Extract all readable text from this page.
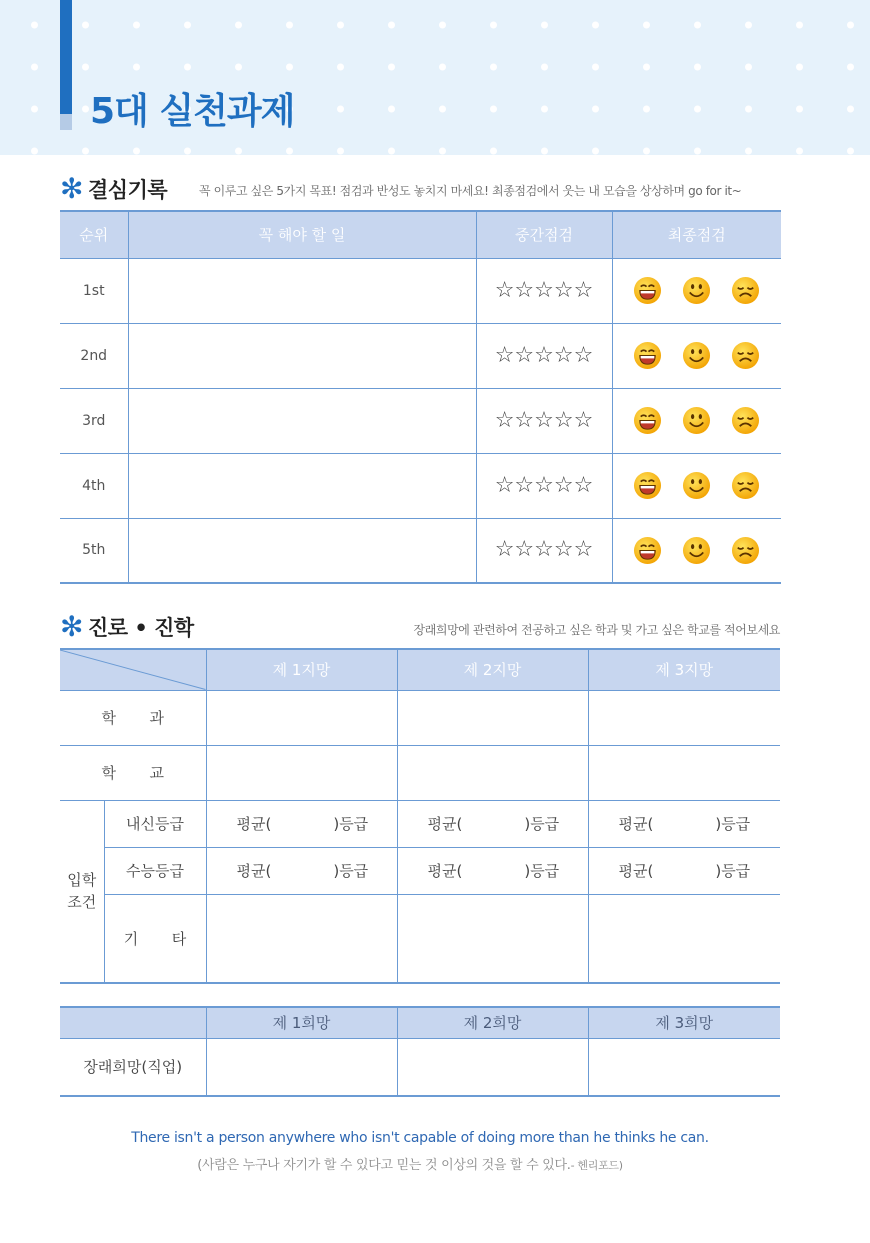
5대 실천과제
✻ 결심기록	꼭 이루고 싶은 5가지 목표! 점검과 반성도 놓치지 마세요! 최종점검에서 웃는 내 모습을 상상하며 go for it~
순위	꼭 해야 할 일	중간점검	최종점검
1st		☆☆☆☆☆

2nd		☆☆☆☆☆

3rd		☆☆☆☆☆

4th		☆☆☆☆☆

5th		☆☆☆☆☆

✻ 진로 • 진학	장래희망에 관련하여 전공하고 싶은 학과 및 가고 싶은 학교를 적어보세요
	제 1지망	제 2지망	제 3지망
학 과				
학 교				

입학
조건	내신등급	평균( )등급	평균( )등급	평균( )등급
	수능등급	평균( )등급	평균( )등급	평균( )등급
	기 타			
	제 1희망	제 2희망	제 3희망
장래희망(직업)			
There isn't a person anywhere who isn't capable of doing more than he thinks he can.
(사람은 누구나 자기가 할 수 있다고 믿는 것 이상의 것을 할 수 있다.- 헨리포드)
